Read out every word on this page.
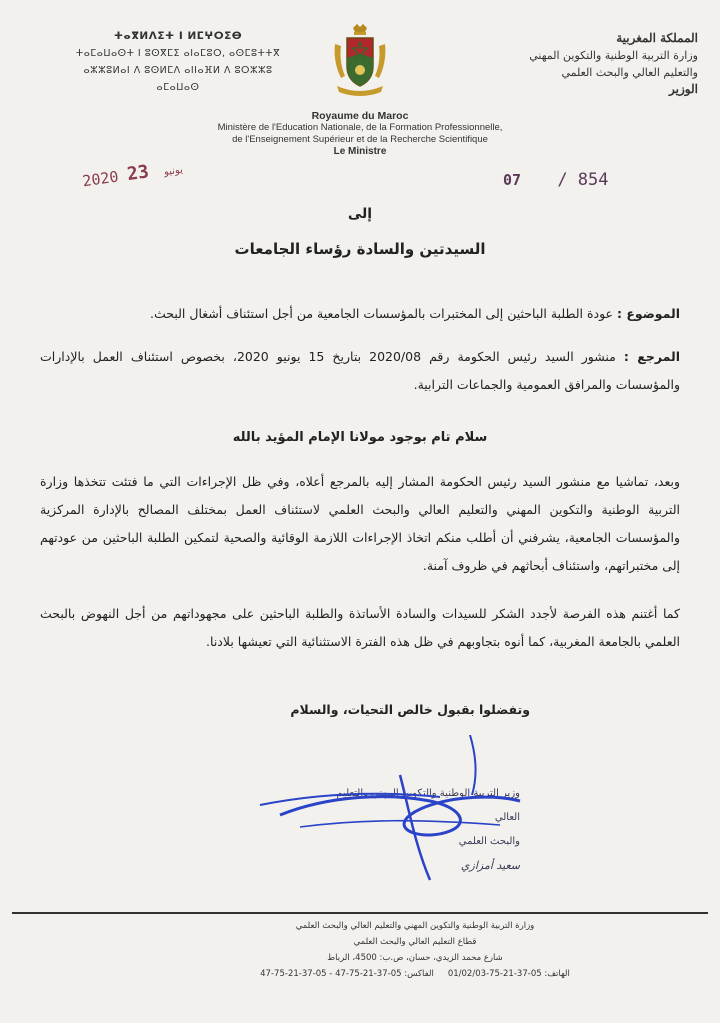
المملكة المغربية
وزارة التربية الوطنية والتكوين المهني
والتعليم العالي والبحث العلمي
الوزير
ⵜⴰⴳⵍⴷⵉⵜ ⵏ ⵍⵎⵖⵔⵉⴱ
ⵜⴰⵎⴰⵡⴰⵙⵜ ⵏ ⵓⵙⴳⵎⵉ ⴰⵏⴰⵎⵓⵔ, ⴰⵙⵎⵓⵜⵜⴳ
ⴰⵣⵣⵓⵍⴰⵏ ⴷ ⵓⵙⵍⵎⴷ ⴰⵏⵏⴰⴼⵍ ⴷ ⵓⵔⵣⵣⵓ
ⴰⵎⴰⵡⴰⵙ
Royaume du Maroc
Ministère de l'Education Nationale, de la Formation Professionnelle,
de l'Enseignement Supérieur et de la Recherche Scientifique
Le Ministre
2020	يونيو 23	07 / 854
إلى
السيدتين والسادة رؤساء الجامعات
الموضوع : عودة الطلبة الباحثين إلى المختبرات بالمؤسسات الجامعية من أجل استئناف أشغال البحث.
المرجع : منشور السيد رئيس الحكومة رقم 2020/08 بتاريخ 15 يونيو 2020، بخصوص استئناف العمل بالإدارات والمؤسسات والمرافق العمومية والجماعات الترابية.
سلام تام بوجود مولانا الإمام المؤيد بالله
وبعد، تماشيا مع منشور السيد رئيس الحكومة المشار إليه بالمرجع أعلاه، وفي ظل الإجراءات التي ما فتئت تتخذها وزارة التربية الوطنية والتكوين المهني والتعليم العالي والبحث العلمي لاستئناف العمل بمختلف المصالح بالإدارة المركزية والمؤسسات الجامعية، يشرفني أن أطلب منكم اتخاذ الإجراءات اللازمة الوقائية والصحية لتمكين الطلبة الباحثين من عودتهم إلى مختبراتهم، واستئناف أبحاثهم في ظروف آمنة.
كما أغتنم هذه الفرصة لأجدد الشكر للسيدات والسادة الأساتذة والطلبة الباحثين على مجهوداتهم من أجل النهوض بالبحث العلمي بالجامعة المغربية، كما أنوه بتجاوبهم في ظل هذه الفترة الاستثنائية التي تعيشها بلادنا.
وتفضلوا بقبول خالص التحيات، والسلام
وزير التربية الوطنية والتكوين المهني والتعليم العالي
والبحث العلمي
سعيد أمزازي
وزارة التربية الوطنية والتكوين المهني والتعليم العالي والبحث العلمي
قطاع التعليم العالي والبحث العلمي
شارع محمد الزيدي، حسان، ص.ب: 4500، الرباط
الفاكس: 05-37-21-75-47 - 05-37-21-75-47 الهاتف: 05-37-21-75-01/02/03
